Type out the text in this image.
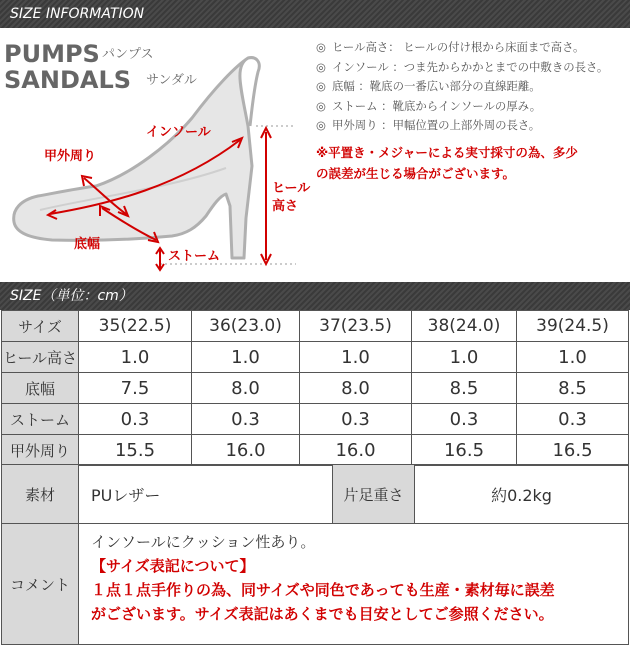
SIZE INFORMATION
PUMPS パンプス
SANDALS サンダル
インソール
甲外周り
底幅
ストーム
ヒール
高さ
◎ ヒール高さ： ヒールの付け根から床面まで高さ。
◎ インソール ：つま先からかかとまでの中敷きの長さ。
◎ 底幅 ：靴底の一番広い部分の直線距離。
◎ ストーム ：靴底からインソールの厚み。
◎ 甲外周り ：甲幅位置の上部外周の長さ。
※平置き・メジャーによる実寸採寸の為、多少
の誤差が生じる場合がございます。
SIZE（単位：cm）
サイズ	35(22.5)	36(23.0)	37(23.5)	38(24.0)	39(24.5)
ヒール高さ	1.0	1.0	1.0	1.0	1.0
底幅	7.5	8.0	8.0	8.5	8.5
ストーム	0.3	0.3	0.3	0.3	0.3
甲外周り	15.5	16.0	16.0	16.5	16.5
素材	PUレザー	片足重さ	約0.2kg
コメント	インソールにクッション性あり。
【サイズ表記について】
１点１点手作りの為、同サイズや同色であっても生産・素材毎に誤差
がございます。サイズ表記はあくまでも目安としてご参照ください。		
